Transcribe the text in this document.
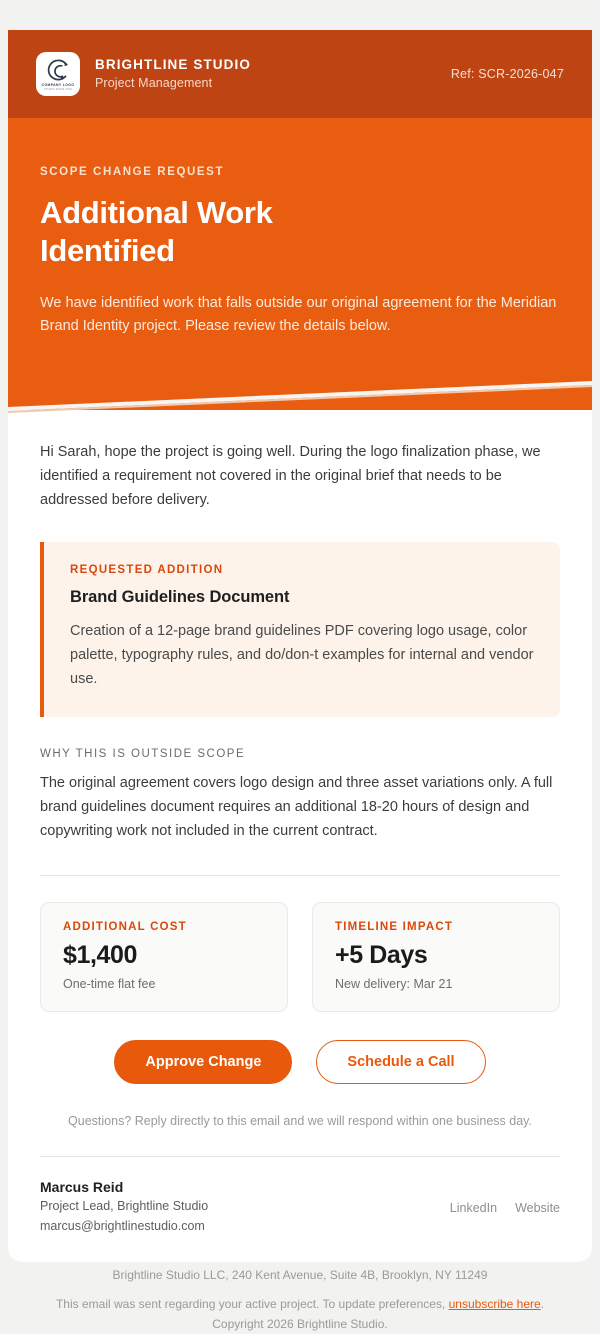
COMPANY LOGO
STUDIO SINCE 2016
BRIGHTLINE STUDIO
Project Management
Ref: SCR-2026-047
SCOPE CHANGE REQUEST
Additional Work Identified
We have identified work that falls outside our original agreement for the Meridian Brand Identity project. Please review the details below.

Hi Sarah, hope the project is going well. During the logo finalization phase, we identified a requirement not covered in the original brief that needs to be addressed before delivery.

REQUESTED ADDITION
Brand Guidelines Document
Creation of a 12-page brand guidelines PDF covering logo usage, color palette, typography rules, and do/don-t examples for internal and vendor use.
WHY THIS IS OUTSIDE SCOPE

The original agreement covers logo design and three asset variations only. A full brand guidelines document requires an additional 18-20 hours of design and copywriting work not included in the current contract.

ADDITIONAL COST
$1,400
One-time flat fee
TIMELINE IMPACT
+5 Days
New delivery: Mar 21
Approve Change	Schedule a Call
Questions? Reply directly to this email and we will respond within one business day.
Marcus Reid
Project Lead, Brightline Studio
marcus@brightlinestudio.com
LinkedIn Website
Brightline Studio LLC, 240 Kent Avenue, Suite 4B, Brooklyn, NY 11249
This email was sent regarding your active project. To update preferences, unsubscribe here.
Copyright 2026 Brightline Studio.
